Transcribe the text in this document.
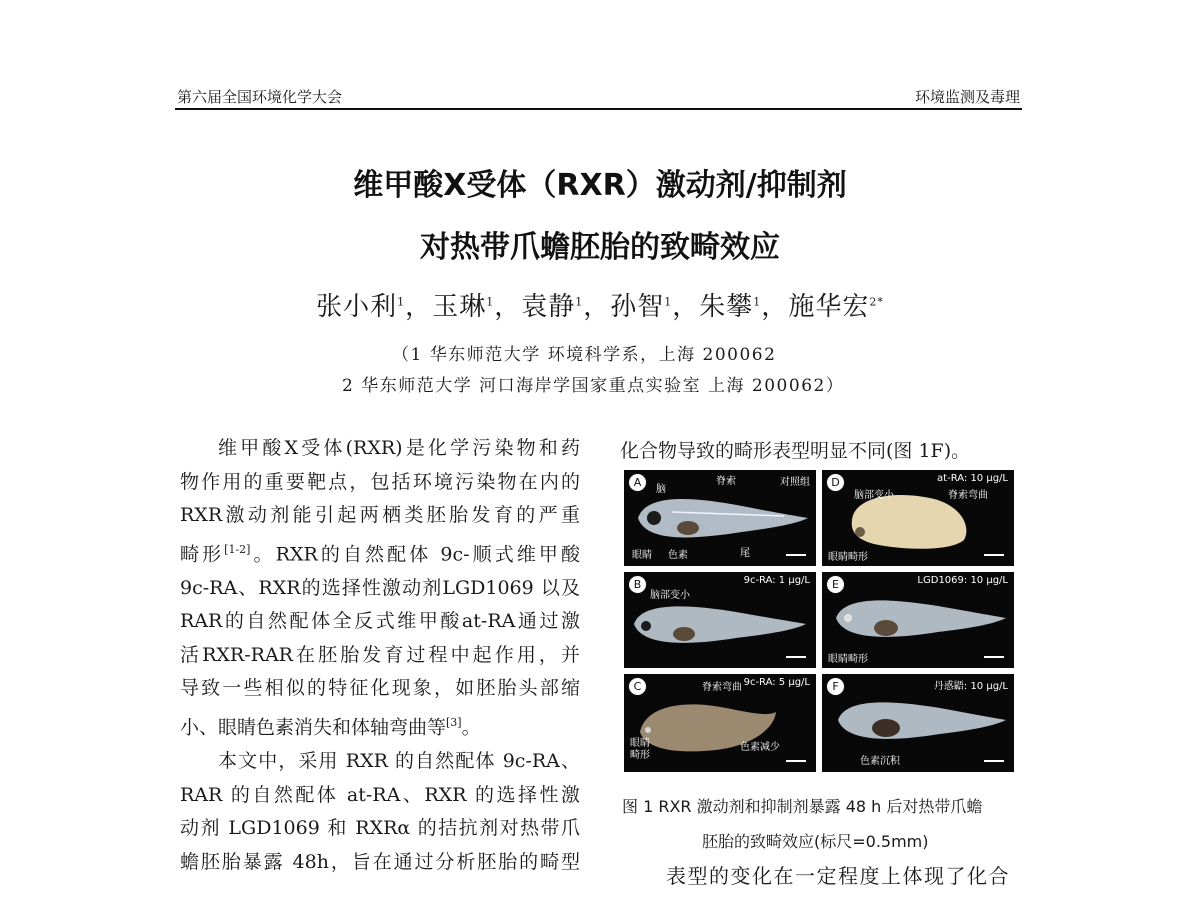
第六届全国环境化学大会	环境监测及毒理
维甲酸X受体（RXR）激动剂/抑制剂
对热带爪蟾胚胎的致畸效应
张小利$^1$，玉琳$^1$，袁静$^1$，孙智$^1$，朱攀$^1$，施华宏$^{2*}$
（1 华东师范大学 环境科学系，上海 200062
2 华东师范大学 河口海岸学国家重点实验室 上海 200062）

维甲酸X受体(RXR)是化学污染物和药

物作用的重要靶点，包括环境污染物在内的

RXR激动剂能引起两栖类胚胎发育的严重

畸形[1-2]。RXR的自然配体 9c-顺式维甲酸

9c-RA、RXR的选择性激动剂LGD1069 以及

RAR的自然配体全反式维甲酸at-RA通过激

活RXR-RAR在胚胎发育过程中起作用，并

导致一些相似的特征化现象，如胚胎头部缩

小、眼睛色素消失和体轴弯曲等[3]。

本文中，采用 RXR 的自然配体 9c-RA、

RAR 的自然配体 at-RA、RXR 的选择性激

动剂 LGD1069 和 RXRα 的拮抗剂对热带爪

蟾胚胎暴露 48h，旨在通过分析胚胎的畸型

化合物导致的畸形表型明显不同(图 1F)。
A	对照组
脑
脊索
眼睛 色素	尾
D	at-RA: 10 μg/L
脑部变小	脊索弯曲
眼睛畸形
B	9c-RA: 1 μg/L
脑部变小
E	LGD1069: 10 μg/L
眼睛畸形
C	9c-RA: 5 μg/L
脊索弯曲
眼睛
畸形
色素减少
F	丹惑鼯: 10 μg/L
色素沉积
图 1 RXR 激动剂和抑制剂暴露 48 h 后对热带爪蟾
胚胎的致畸效应(标尺=0.5mm)
表型的变化在一定程度上体现了化合
